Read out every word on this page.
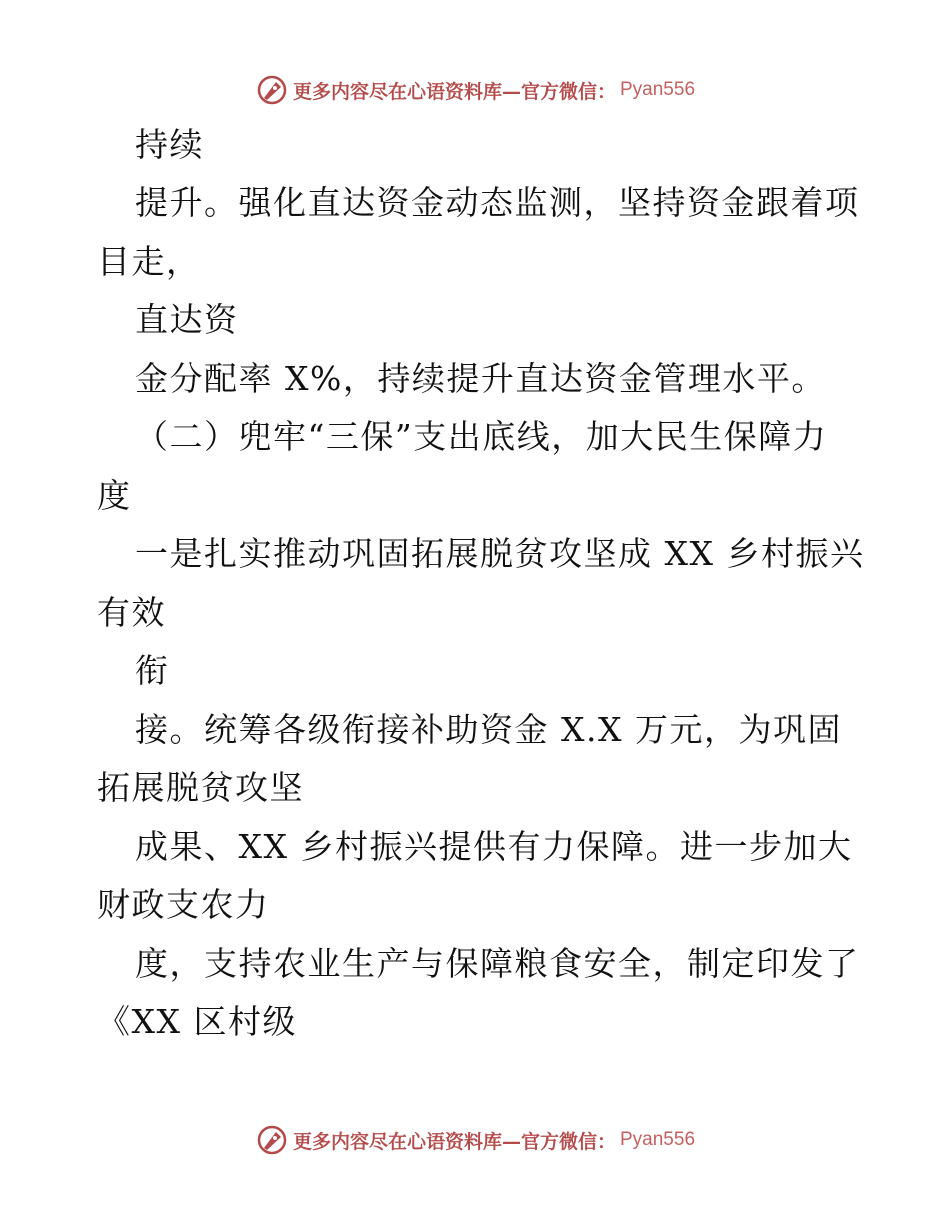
更多内容尽在心语资料库—官方微信： Pyan556
持续
提升。强化直达资金动态监测，坚持资金跟着项
目走，
直达资
金分配率 X%，持续提升直达资金管理水平。
（二）兜牢“三保”支出底线，加大民生保障力
度
一是扎实推动巩固拓展脱贫攻坚成 XX 乡村振兴
有效
衔
接。统筹各级衔接补助资金 X.X 万元，为巩固
拓展脱贫攻坚
成果、XX 乡村振兴提供有力保障。进一步加大
财政支农力
度，支持农业生产与保障粮食安全，制定印发了
《XX 区村级
更多内容尽在心语资料库—官方微信： Pyan556
